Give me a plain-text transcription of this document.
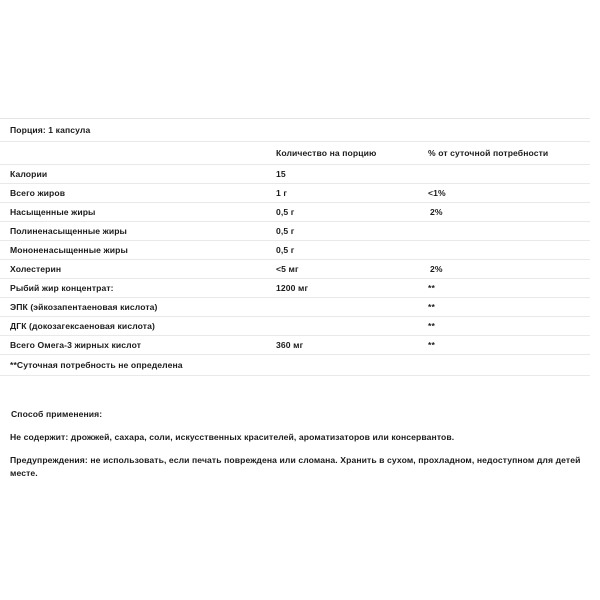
Порция: 1 капсула		
	Количество на порцию	% от суточной потребности
Калории	15	
Всего жиров	1 г	<1%
Насыщенные жиры	0,5 г	2%
Полиненасыщенные жиры	0,5 г	
Мононенасыщенные жиры	0,5 г	
Холестерин	<5 мг	2%
Рыбий жир концентрат:	1200 мг	**
ЭПК (эйкозапентаеновая кислота)		**
ДГК (докозагексаеновая кислота)		**
Всего Омега-3 жирных кислот	360 мг	**
**Суточная потребность не определена		
Способ применения:
Не содержит: дрожжей, сахара, соли, искусственных красителей, ароматизаторов или консервантов.
Предупреждения: не использовать, если печать повреждена или сломана. Хранить в сухом, прохладном, недоступном для детей месте.
